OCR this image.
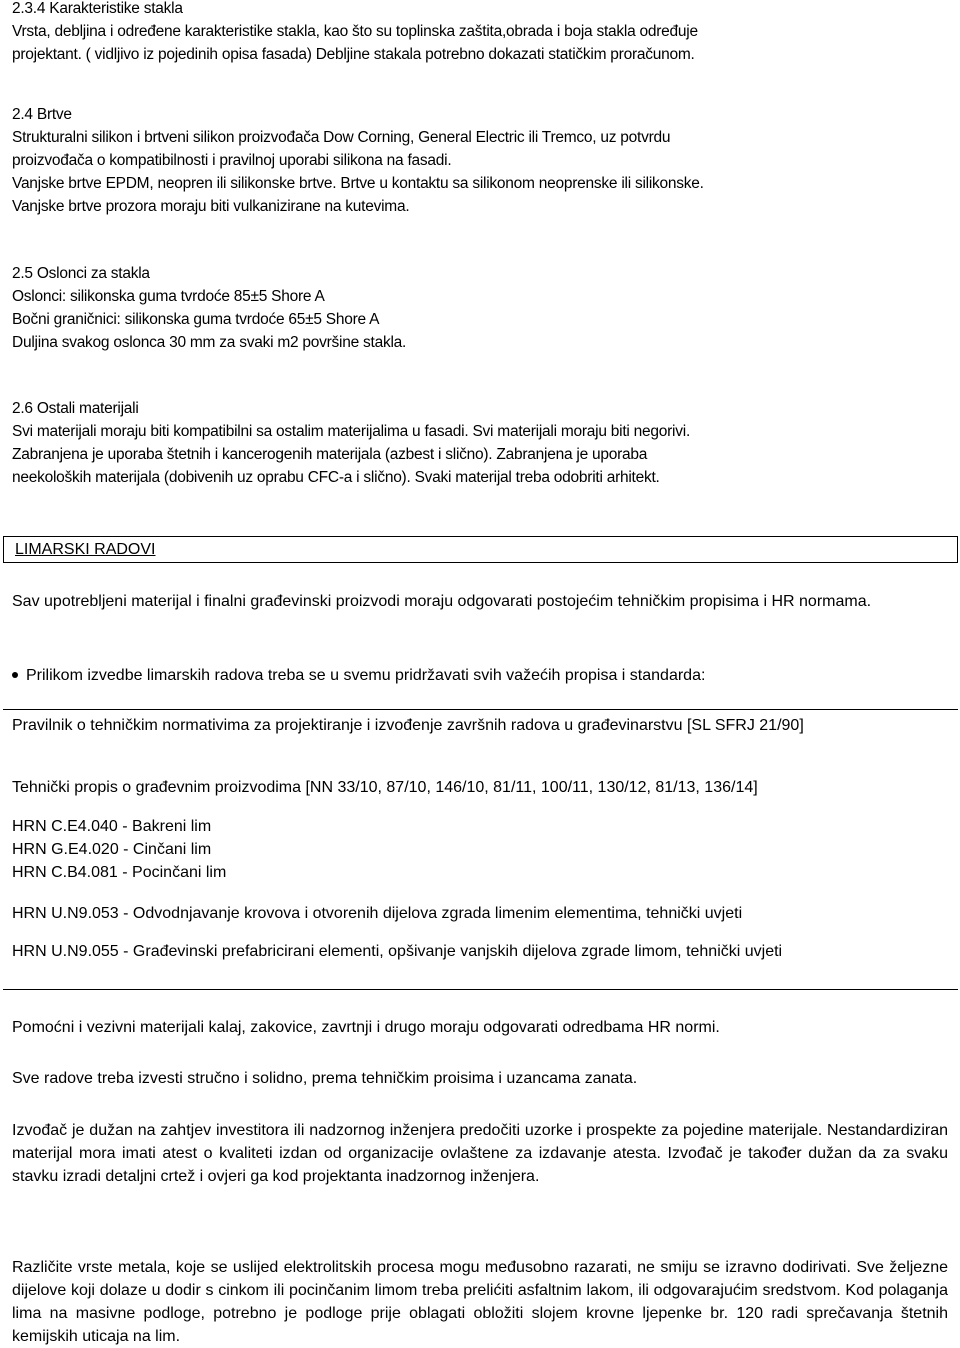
2.3.4 Karakteristike stakla
Vrsta, debljina i određene karakteristike stakla, kao što su toplinska zaštita,obrada i boja stakla određuje
projektant. ( vidljivo iz pojedinih opisa fasada) Debljine stakala potrebno dokazati statičkim proračunom.
2.4 Brtve
Strukturalni silikon i brtveni silikon proizvođača Dow Corning, General Electric ili Tremco, uz potvrdu
proizvođača o kompatibilnosti i pravilnoj uporabi silikona na fasadi.
Vanjske brtve EPDM, neopren ili silikonske brtve. Brtve u kontaktu sa silikonom neoprenske ili silikonske.
Vanjske brtve prozora moraju biti vulkanizirane na kutevima.
2.5 Oslonci za stakla
Oslonci: silikonska guma tvrdoće 85±5 Shore A
Bočni graničnici: silikonska guma tvrdoće 65±5 Shore A
Duljina svakog oslonca 30 mm za svaki m2 površine stakla.
2.6 Ostali materijali
Svi materijali moraju biti kompatibilni sa ostalim materijalima u fasadi. Svi materijali moraju biti negorivi.
Zabranjena je uporaba štetnih i kancerogenih materijala (azbest i slično). Zabranjena je uporaba
neekoloških materijala (dobivenih uz oprabu CFC-a i slično). Svaki materijal treba odobriti arhitekt.
LIMARSKI RADOVI

Sav upotrebljeni materijal i finalni građevinski proizvodi moraju odgovarati postojećim tehničkim propisima i HR normama.

Prilikom izvedbe limarskih radova treba se u svemu pridržavati svih važećih propisa i standarda:

Pravilnik o tehničkim normativima za projektiranje i izvođenje završnih radova u građevinarstvu [SL SFRJ 21/90]

Tehnički propis o građevnim proizvodima [NN 33/10, 87/10, 146/10, 81/11, 100/11, 130/12, 81/13, 136/14]

HRN C.E4.040 - Bakreni lim
HRN G.E4.020 - Cinčani lim
HRN C.B4.081 - Pocinčani lim

HRN U.N9.053 - Odvodnjavanje krovova i otvorenih dijelova zgrada limenim elementima, tehnički uvjeti

HRN U.N9.055 - Građevinski prefabricirani elementi, opšivanje vanjskih dijelova zgrade limom, tehnički uvjeti

Pomoćni i vezivni materijali kalaj, zakovice, zavrtnji i drugo moraju odgovarati odredbama HR normi.

Sve radove treba izvesti stručno i solidno, prema tehničkim proisima i uzancama zanata.

Izvođač je dužan na zahtjev investitora ili nadzornog inženjera predočiti uzorke i prospekte za pojedine materijale. Nestandardiziran materijal mora imati atest o kvaliteti izdan od organizacije ovlaštene za izdavanje atesta. Izvođač je također dužan da za svaku stavku izradi detaljni crtež i ovjeri ga kod projektanta inadzornog inženjera.

Različite vrste metala, koje se uslijed elektrolitskih procesa mogu međusobno razarati, ne smiju se izravno dodirivati. Sve željezne dijelove koji dolaze u dodir s cinkom ili pocinčanim limom treba prelićiti asfaltnim lakom, ili odgovarajućim sredstvom. Kod polaganja lima na masivne podloge, potrebno je podloge prije oblagati obložiti slojem krovne ljepenke br. 120 radi sprečavanja štetnih kemijskih uticaja na lim.
